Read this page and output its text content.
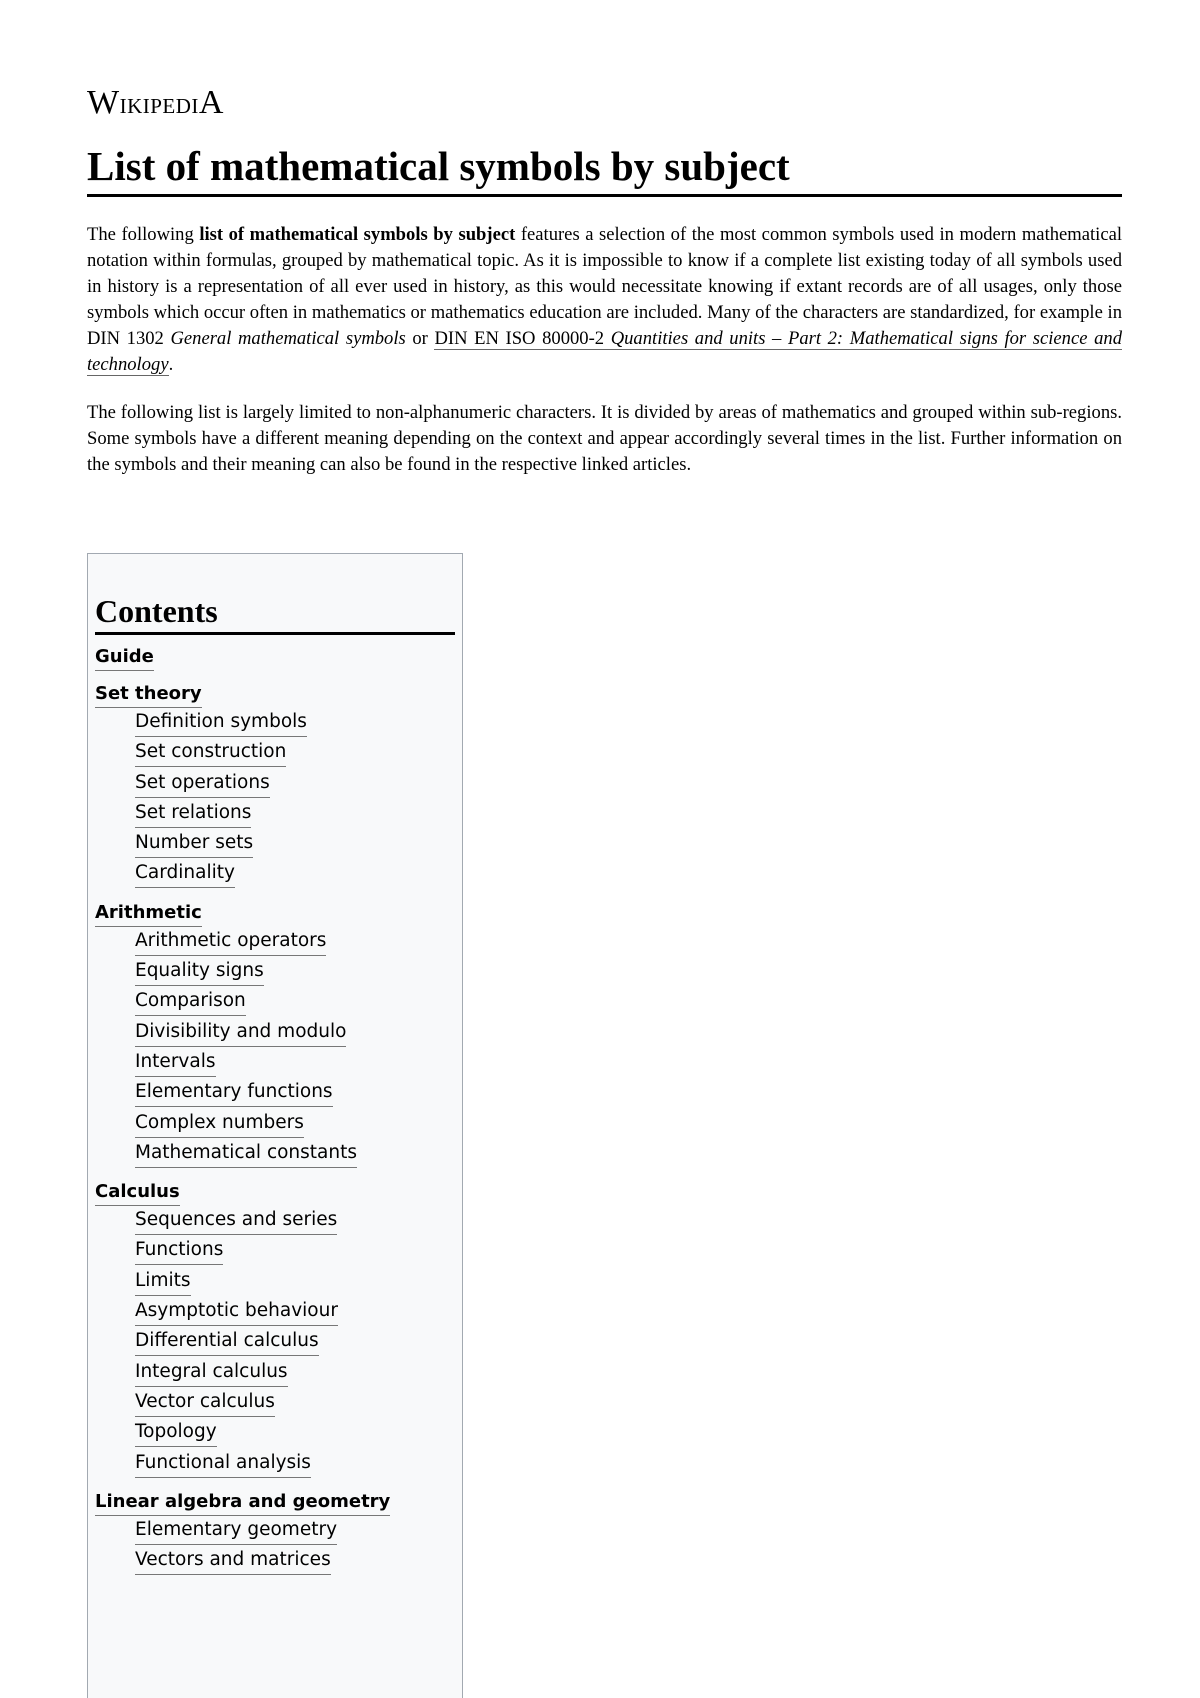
WikipediA
List of mathematical symbols by subject

The following list of mathematical symbols by subject features a selection of the most common symbols used in modern mathematical notation within formulas, grouped by mathematical topic. As it is impossible to know if a complete list existing today of all symbols used in history is a representation of all ever used in history, as this would necessitate knowing if extant records are of all usages, only those symbols which occur often in mathematics or mathematics education are included. Many of the characters are standardized, for example in DIN 1302 General mathematical symbols or DIN EN ISO 80000-2 Quantities and units – Part 2: Mathematical signs for science and technology.

The following list is largely limited to non-alphanumeric characters. It is divided by areas of mathematics and grouped within sub-regions. Some symbols have a different meaning depending on the context and appear accordingly several times in the list. Further information on the symbols and their meaning can also be found in the respective linked articles.

Contents
Guide
Set theory
Definition symbols
Set construction
Set operations
Set relations
Number sets
Cardinality
Arithmetic
Arithmetic operators
Equality signs
Comparison
Divisibility and modulo
Intervals
Elementary functions
Complex numbers
Mathematical constants
Calculus
Sequences and series
Functions
Limits
Asymptotic behaviour
Differential calculus
Integral calculus
Vector calculus
Topology
Functional analysis
Linear algebra and geometry
Elementary geometry
Vectors and matrices
